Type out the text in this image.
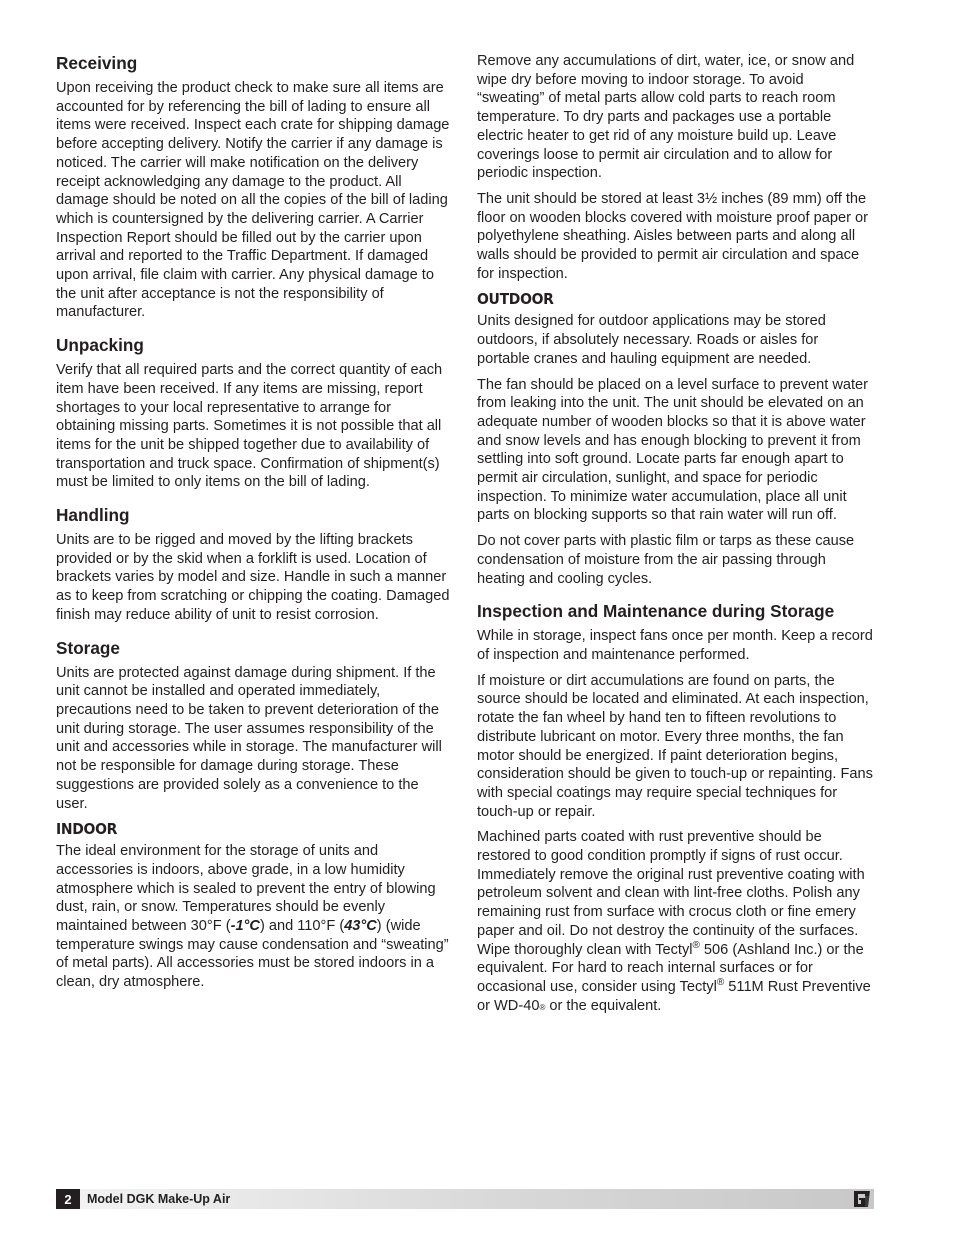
Receiving

Upon receiving the product check to make sure all items are accounted for by referencing the bill of lading to ensure all items were received. Inspect each crate for shipping damage before accepting delivery. Notify the carrier if any damage is noticed. The carrier will make notification on the delivery receipt acknowledging any damage to the product. All damage should be noted on all the copies of the bill of lading which is countersigned by the delivering carrier. A Carrier Inspection Report should be filled out by the carrier upon arrival and reported to the Traffic Department. If damaged upon arrival, file claim with carrier. Any physical damage to the unit after acceptance is not the responsibility of manufacturer.

Unpacking

Verify that all required parts and the correct quantity of each item have been received. If any items are missing, report shortages to your local representative to arrange for obtaining missing parts. Sometimes it is not possible that all items for the unit be shipped together due to availability of transportation and truck space. Confirmation of shipment(s) must be limited to only items on the bill of lading.

Handling

Units are to be rigged and moved by the lifting brackets provided or by the skid when a forklift is used. Location of brackets varies by model and size. Handle in such a manner as to keep from scratching or chipping the coating. Damaged finish may reduce ability of unit to resist corrosion.

Storage

Units are protected against damage during shipment. If the unit cannot be installed and operated immediately, precautions need to be taken to prevent deterioration of the unit during storage. The user assumes responsibility of the unit and accessories while in storage. The manufacturer will not be responsible for damage during storage. These suggestions are provided solely as a convenience to the user.

INDOOR

The ideal environment for the storage of units and accessories is indoors, above grade, in a low humidity atmosphere which is sealed to prevent the entry of blowing dust, rain, or snow. Temperatures should be evenly maintained between 30°F (-1°C) and 110°F (43°C) (wide temperature swings may cause condensation and “sweating” of metal parts). All accessories must be stored indoors in a clean, dry atmosphere.

Remove any accumulations of dirt, water, ice, or snow and wipe dry before moving to indoor storage. To avoid “sweating” of metal parts allow cold parts to reach room temperature. To dry parts and packages use a portable electric heater to get rid of any moisture build up. Leave coverings loose to permit air circulation and to allow for periodic inspection.

The unit should be stored at least 3½ inches (89 mm) off the floor on wooden blocks covered with moisture proof paper or polyethylene sheathing. Aisles between parts and along all walls should be provided to permit air circulation and space for inspection.

OUTDOOR

Units designed for outdoor applications may be stored outdoors, if absolutely necessary. Roads or aisles for portable cranes and hauling equipment are needed.

The fan should be placed on a level surface to prevent water from leaking into the unit. The unit should be elevated on an adequate number of wooden blocks so that it is above water and snow levels and has enough blocking to prevent it from settling into soft ground. Locate parts far enough apart to permit air circulation, sunlight, and space for periodic inspection. To minimize water accumulation, place all unit parts on blocking supports so that rain water will run off.

Do not cover parts with plastic film or tarps as these cause condensation of moisture from the air passing through heating and cooling cycles.

Inspection and Maintenance during Storage

While in storage, inspect fans once per month. Keep a record of inspection and maintenance performed.

If moisture or dirt accumulations are found on parts, the source should be located and eliminated. At each inspection, rotate the fan wheel by hand ten to fifteen revolutions to distribute lubricant on motor. Every three months, the fan motor should be energized. If paint deterioration begins, consideration should be given to touch-up or repainting. Fans with special coatings may require special techniques for touch-up or repair.

Machined parts coated with rust preventive should be restored to good condition promptly if signs of rust occur. Immediately remove the original rust preventive coating with petroleum solvent and clean with lint-free cloths. Polish any remaining rust from surface with crocus cloth or fine emery paper and oil. Do not destroy the continuity of the surfaces. Wipe thoroughly clean with Tectyl® 506 (Ashland Inc.) or the equivalent. For hard to reach internal surfaces or for occasional use, consider using Tectyl® 511M Rust Preventive or WD-40® or the equivalent.

2	Model DGK Make-Up Air
